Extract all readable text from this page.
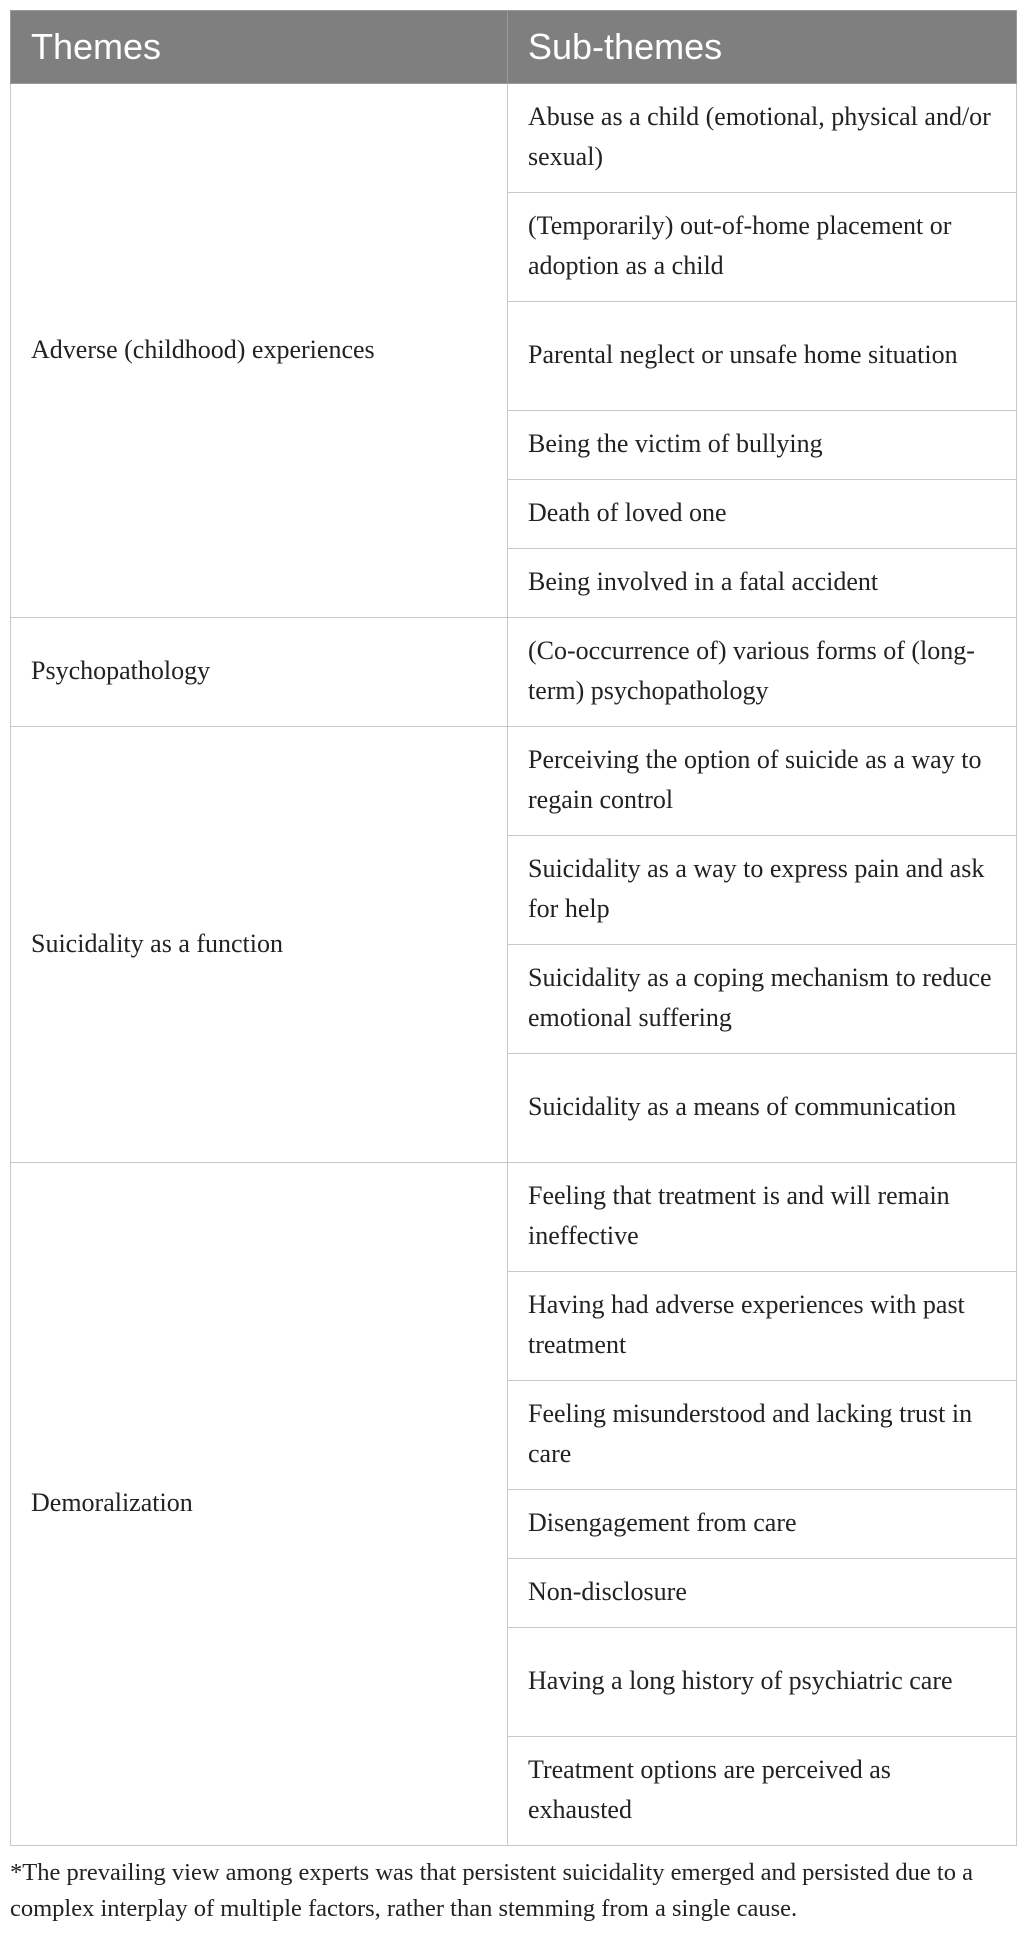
Themes	Sub-themes
Adverse (childhood) experiences	Abuse as a child (emotional, physical and/or sexual)
	(Temporarily) out-of-home placement or adoption as a child
	Parental neglect or unsafe home situation
	Being the victim of bullying
	Death of loved one
	Being involved in a fatal accident
Psychopathology	(Co-occurrence of) various forms of (long-term) psychopathology
Suicidality as a function	Perceiving the option of suicide as a way to regain control
	Suicidality as a way to express pain and ask for help
	Suicidality as a coping mechanism to reduce emotional suffering
	Suicidality as a means of communication
Demoralization	Feeling that treatment is and will remain ineffective
	Having had adverse experiences with past treatment
	Feeling misunderstood and lacking trust in care
	Disengagement from care
	Non-disclosure
	Having a long history of psychiatric care
	Treatment options are perceived as exhausted
*The prevailing view among experts was that persistent suicidality emerged and persisted due to a complex interplay of multiple factors, rather than stemming from a single cause.
